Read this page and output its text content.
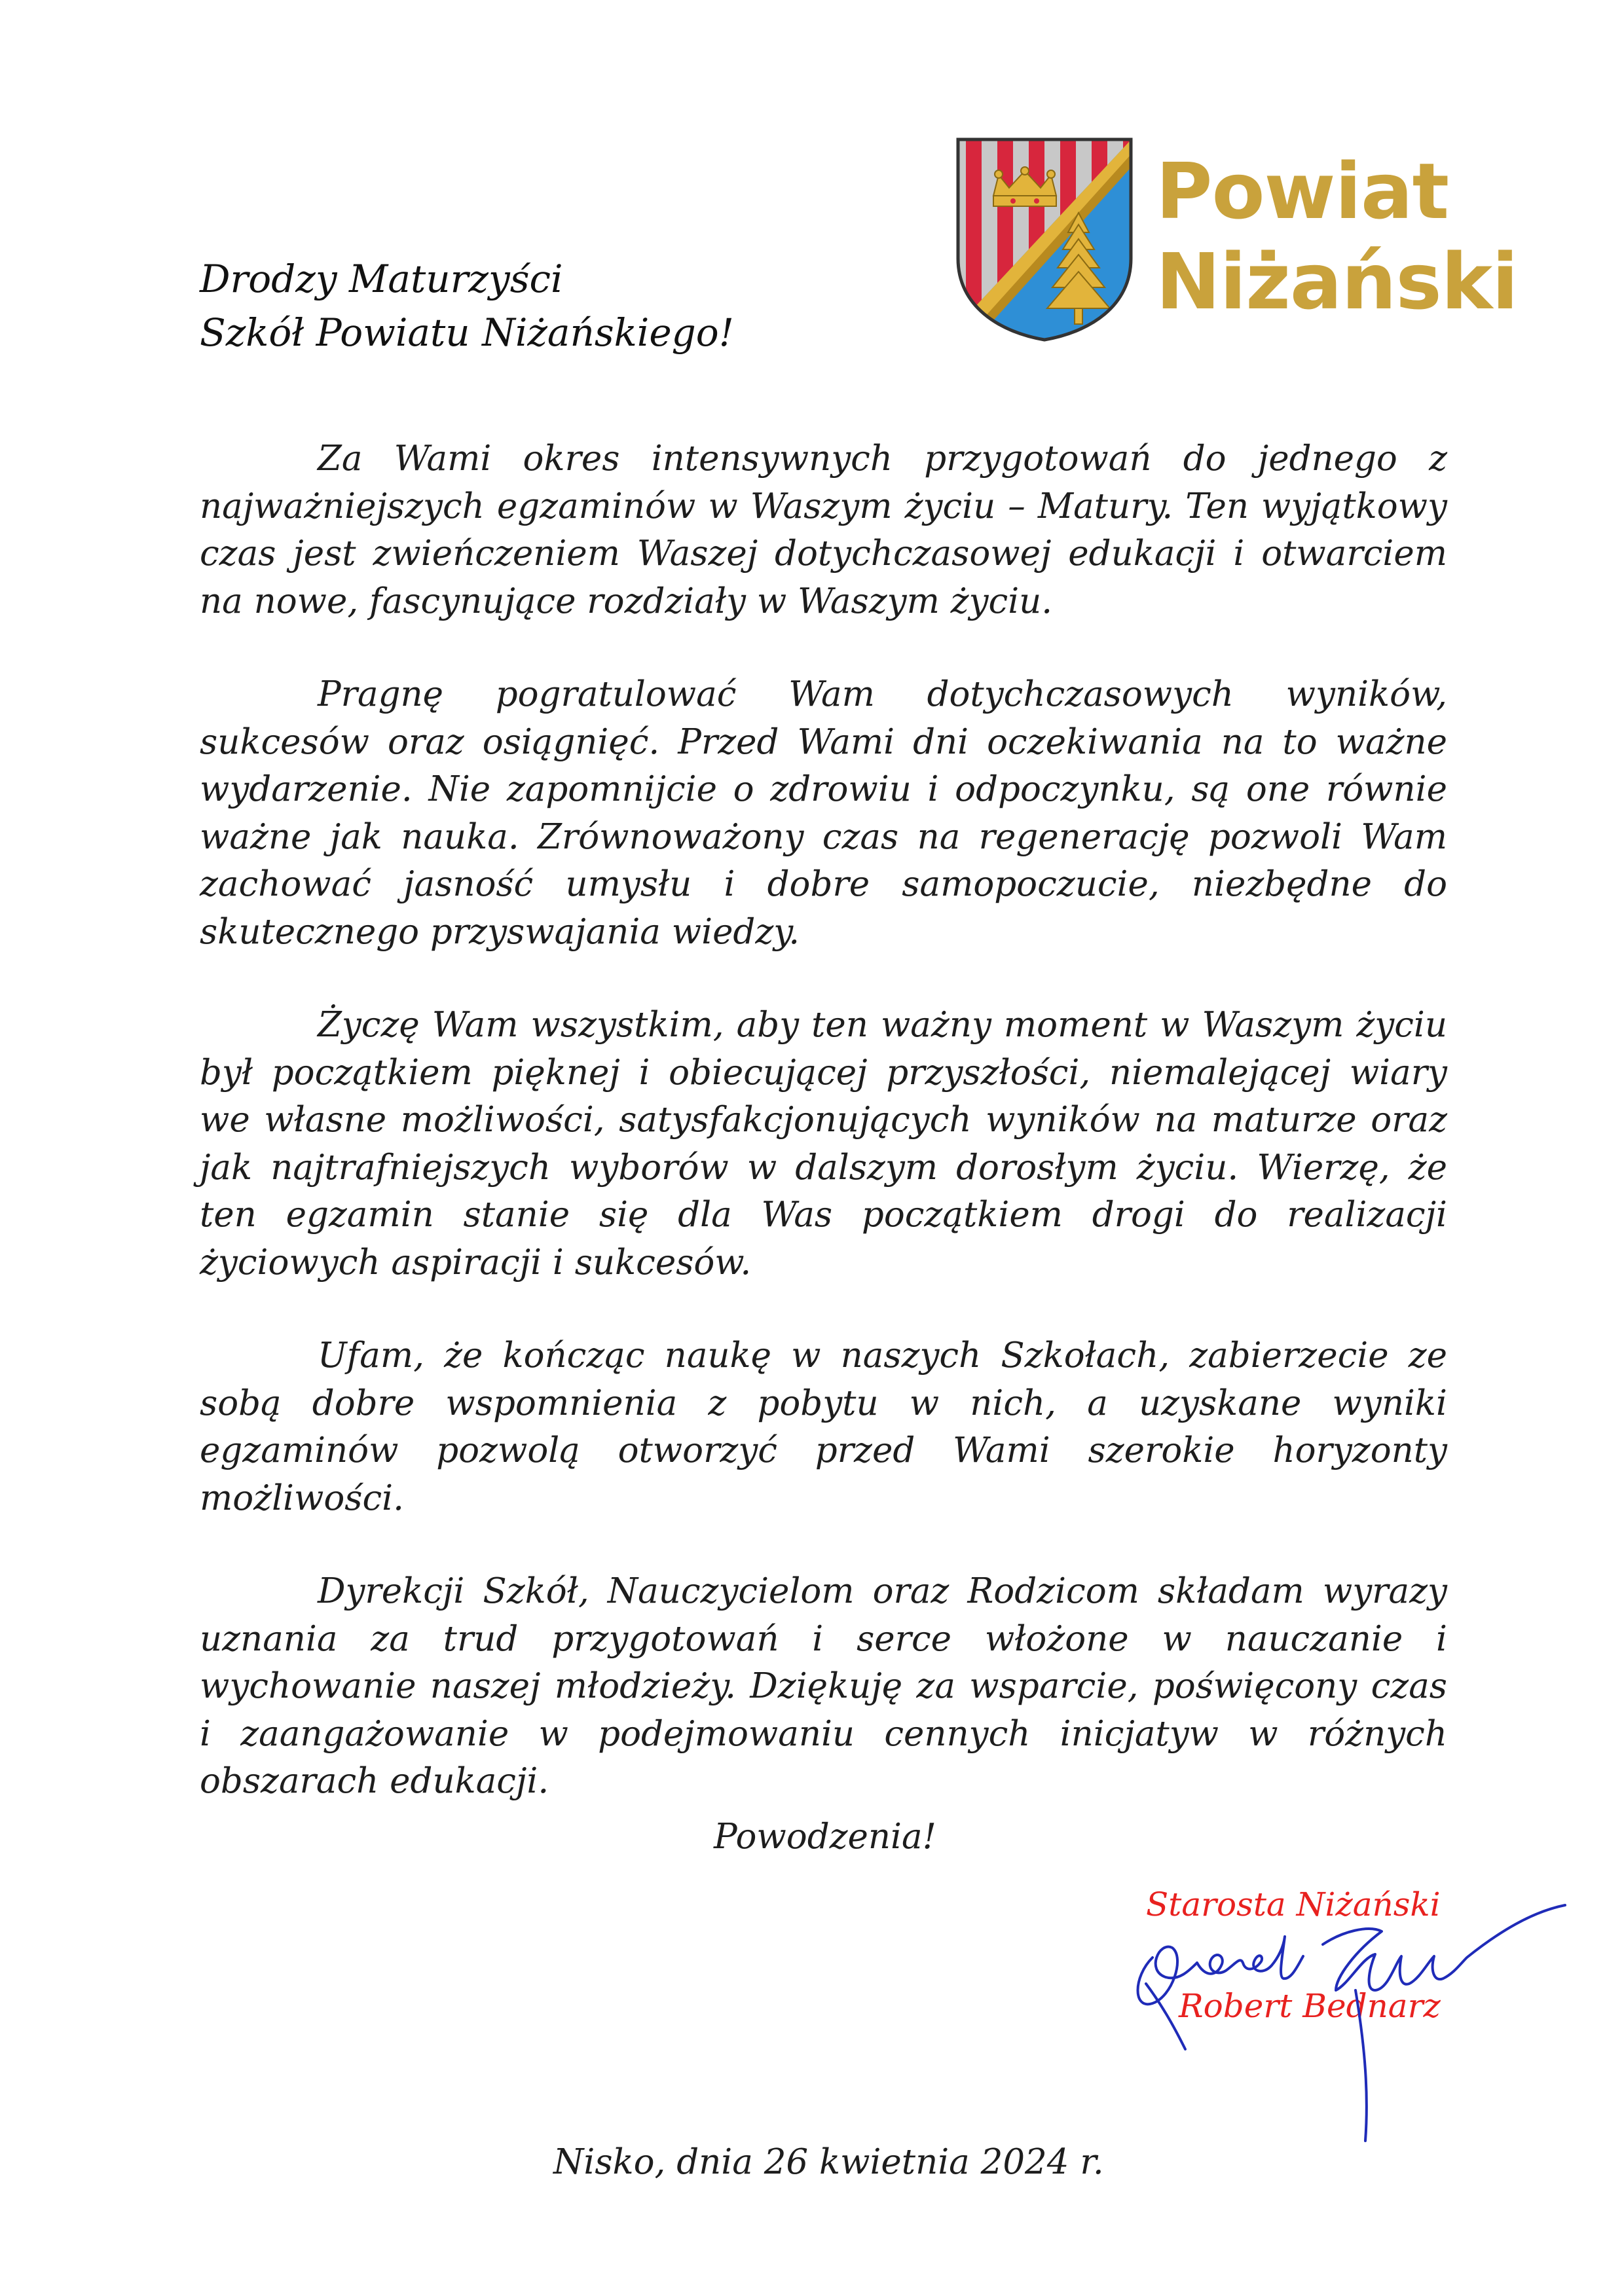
Powiat
Niżański
Drodzy Maturzyści
Szkół Powiatu Niżańskiego!

Za Wami okres intensywnych przygotowań do jednego z najważniejszych egzaminów w Waszym życiu – Matury. Ten wyjątkowy czas jest zwieńczeniem Waszej dotychczasowej edukacji i otwarciem na nowe, fascynujące rozdziały w Waszym życiu.

Pragnę pogratulować Wam dotychczasowych wyników, sukcesów oraz osiągnięć. Przed Wami dni oczekiwania na to ważne wydarzenie. Nie zapomnijcie o zdrowiu i odpoczynku, są one równie ważne jak nauka. Zrównoważony czas na regenerację pozwoli Wam zachować jasność umysłu i dobre samopoczucie, niezbędne do skutecznego przyswajania wiedzy.

Życzę Wam wszystkim, aby ten ważny moment w Waszym życiu był początkiem pięknej i obiecującej przyszłości, niemalejącej wiary we własne możliwości, satysfakcjonujących wyników na maturze oraz jak najtrafniejszych wyborów w dalszym dorosłym życiu. Wierzę, że ten egzamin stanie się dla Was początkiem drogi do realizacji życiowych aspiracji i sukcesów.

Ufam, że kończąc naukę w naszych Szkołach, zabierzecie ze sobą dobre wspomnienia z pobytu w nich, a uzyskane wyniki egzaminów pozwolą otworzyć przed Wami szerokie horyzonty możliwości.

Dyrekcji Szkół, Nauczycielom oraz Rodzicom składam wyrazy uznania za trud przygotowań i serce włożone w nauczanie i wychowanie naszej młodzieży. Dziękuję za wsparcie, poświęcony czas i zaangażowanie w podejmowaniu cennych inicjatyw w różnych obszarach edukacji.

Powodzenia!
Starosta Niżański
Robert Bednarz
Nisko, dnia 26 kwietnia 2024 r.
